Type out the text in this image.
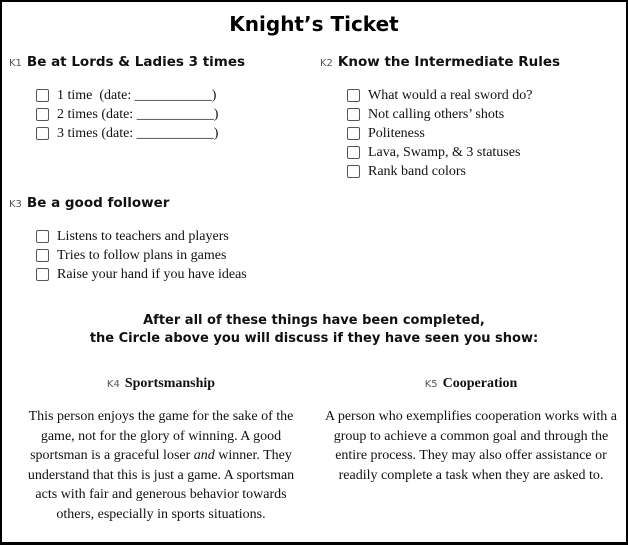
Knight’s Ticket
K1 Be at Lords & Ladies 3 times
1 time  (date: ___________)
2 times (date: ___________)
3 times (date: ___________)
K2 Know the Intermediate Rules
What would a real sword do?
Not calling others’ shots
Politeness
Lava, Swamp, & 3 statuses
Rank band colors
K3 Be a good follower
Listens to teachers and players
Tries to follow plans in games
Raise your hand if you have ideas
After all of these things have been completed,
the Circle above you will discuss if they have seen you show:
K4 Sportsmanship

This person enjoys the game for the sake of the game, not for the glory of winning. A good sportsman is a graceful loser and winner. They understand that this is just a game. A sportsman acts with fair and generous behavior towards others, especially in sports situations.

K5 Cooperation

A person who exemplifies cooperation works with a group to achieve a common goal and through the entire process. They may also offer assistance or readily complete a task when they are asked to.
